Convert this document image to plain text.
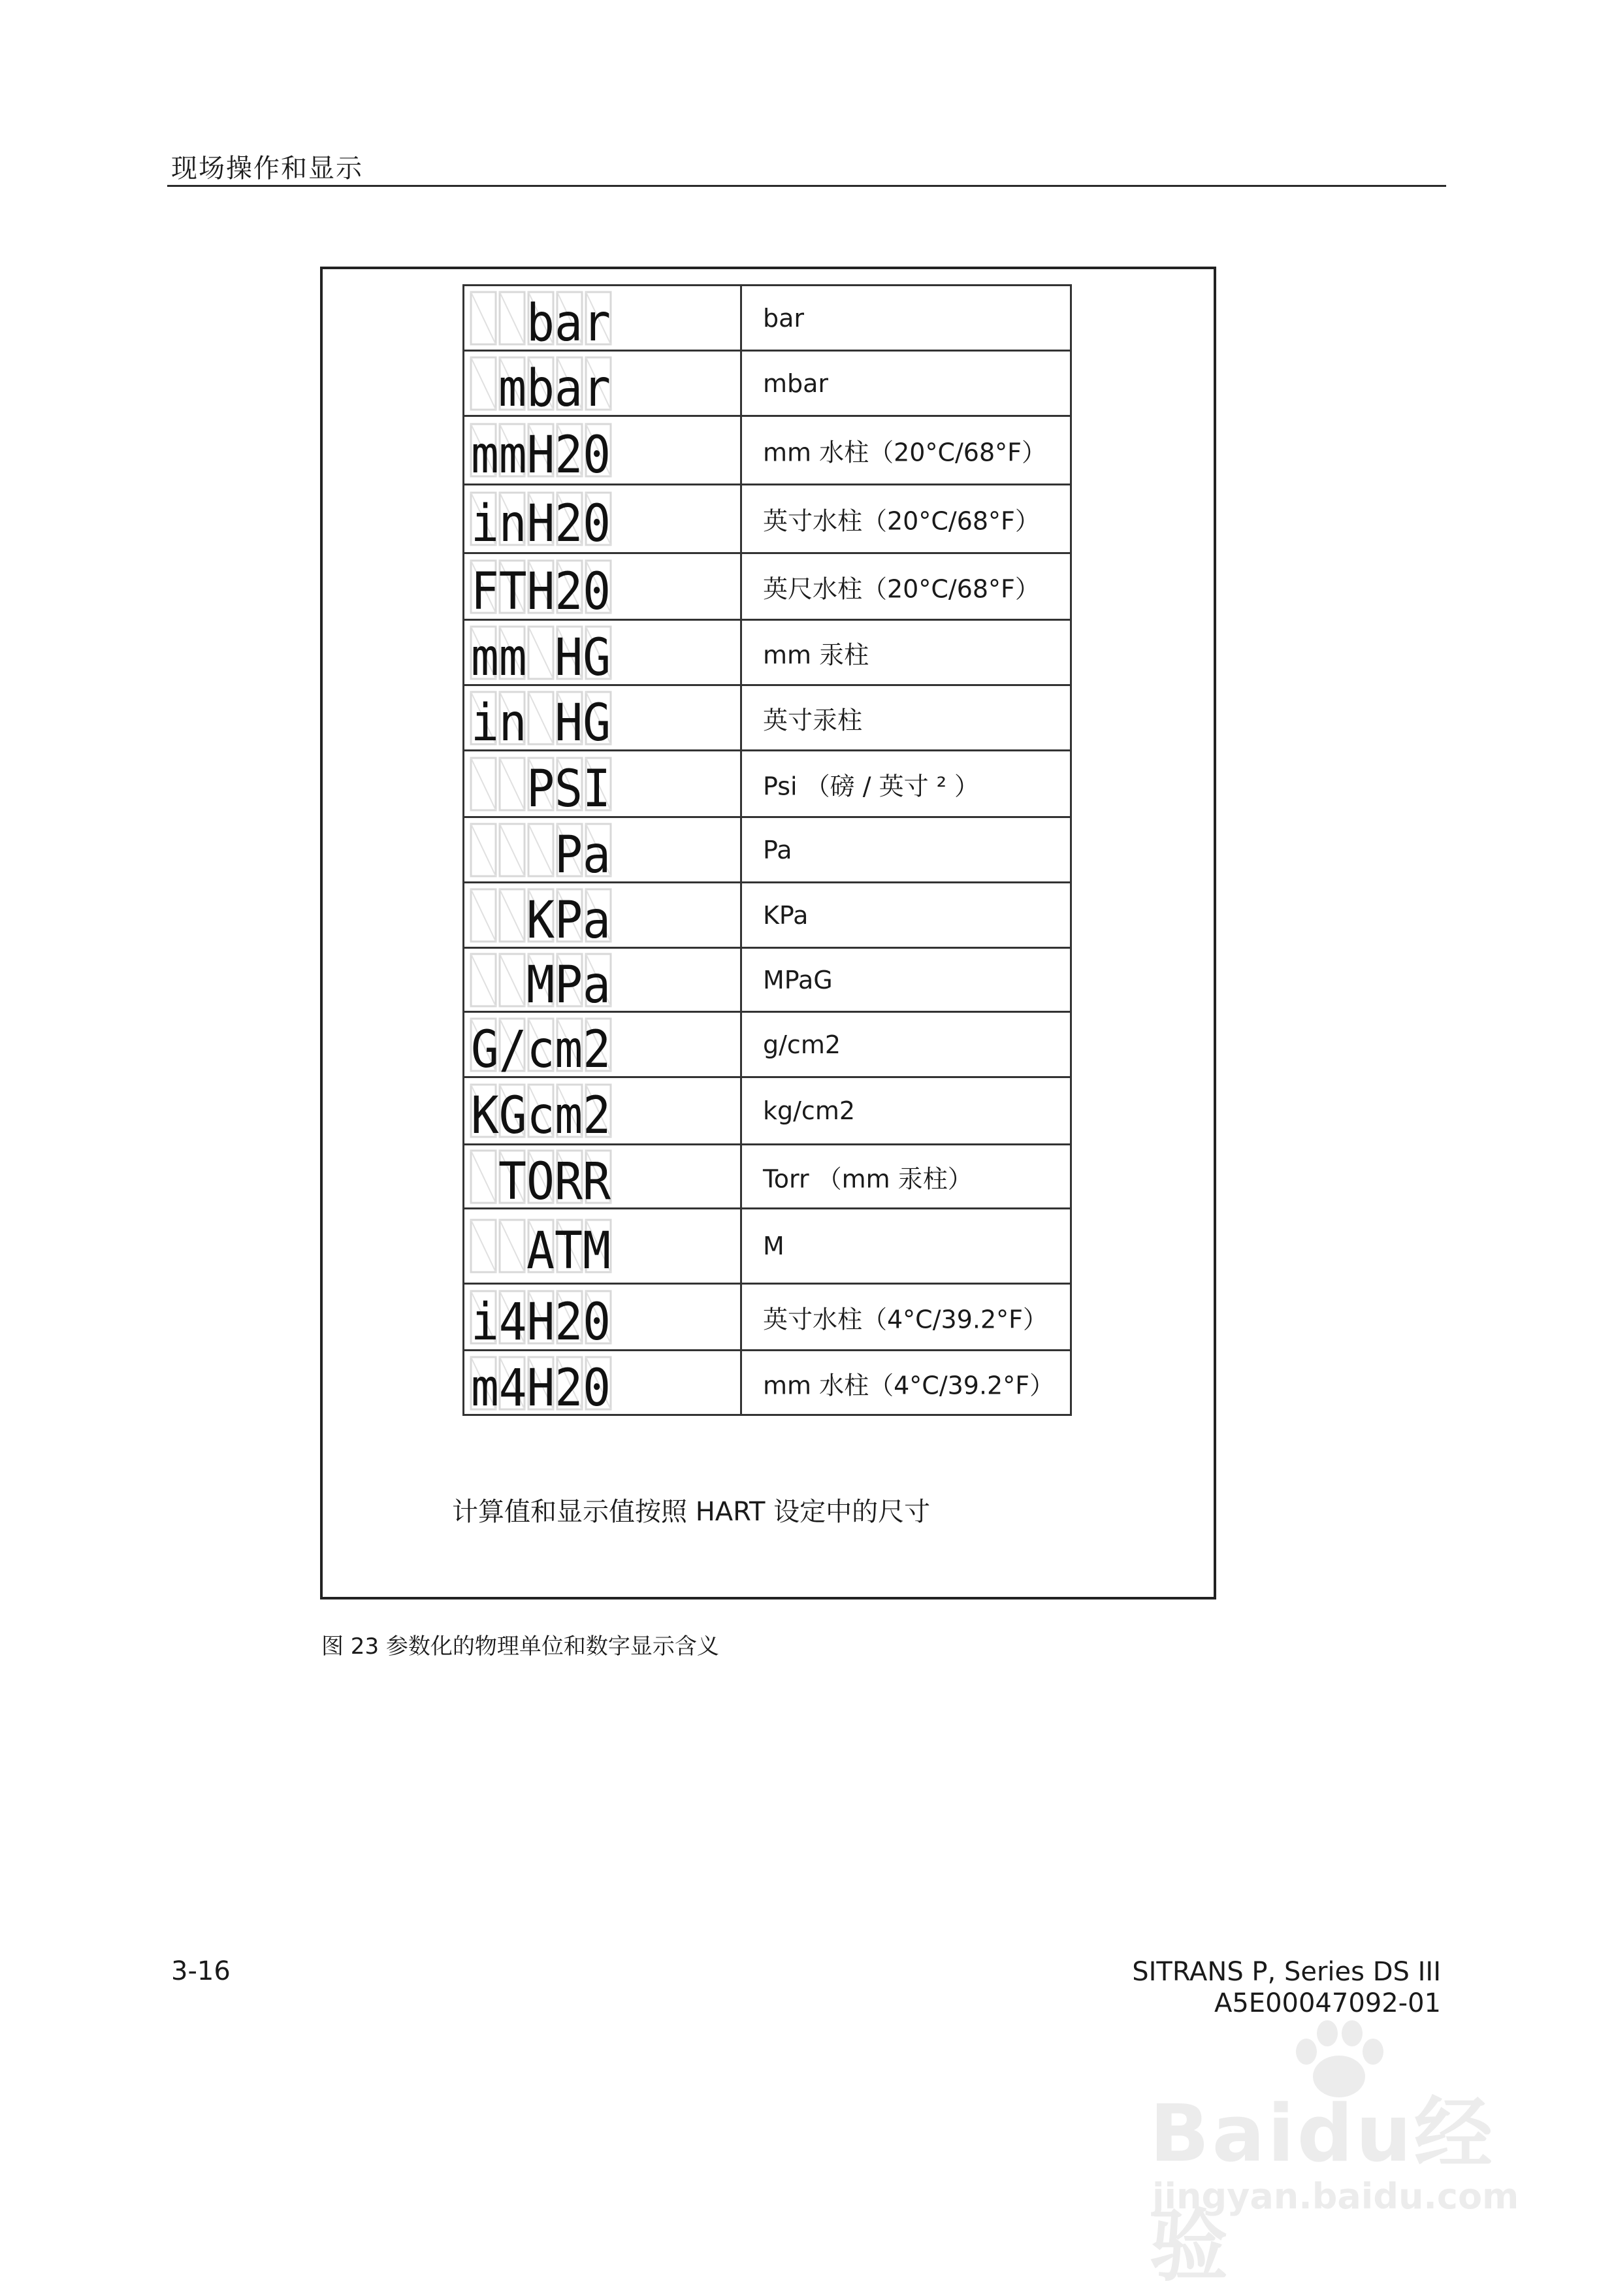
现场操作和显示
bar	bar
mbar	mbar
mmH20	mm 水柱（20°C/68°F）
inH20	英寸水柱（20°C/68°F）
FTH20	英尺水柱（20°C/68°F）
mm HG	mm 汞柱
in HG	英寸汞柱
PSI	Psi （磅 / 英寸 ² ）
Pa	Pa
KPa	KPa
MPa	MPaG
G/cm2	g/cm2
KGcm2	kg/cm2
TORR	Torr （mm 汞柱）
ATM	M
i4H20	英寸水柱（4°C/39.2°F）
m4H20	mm 水柱（4°C/39.2°F）
计算值和显示值按照 HART 设定中的尺寸
图 23 参数化的物理单位和数字显示含义
3-16	SITRANS P, Series DS III
A5E00047092-01
Baidu经验
jingyan.baidu.com
